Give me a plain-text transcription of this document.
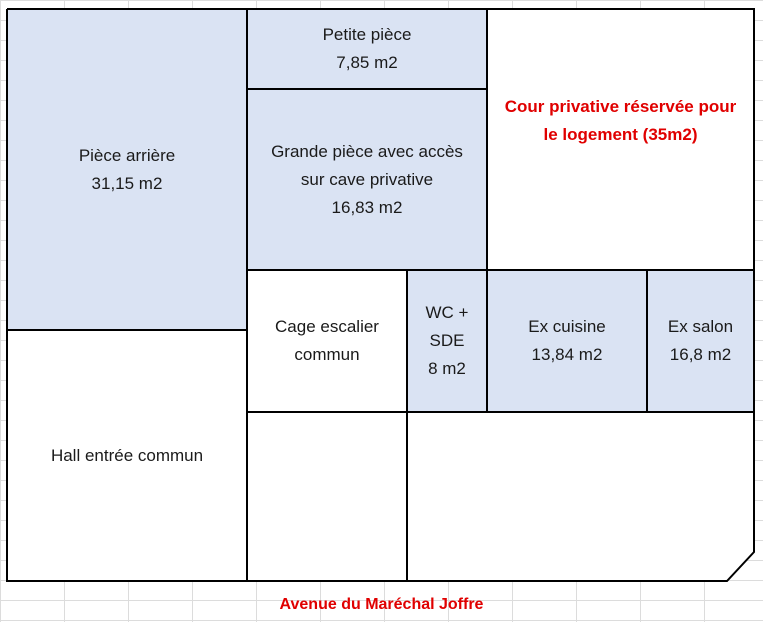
Pièce arrière
31,15 m2
Petite pièce
7,85 m2
Grande pièce avec accès
sur cave privative
16,83 m2
Cour privative réservée pour
le logement (35m2)
Cage escalier
commun
WC +
SDE
8 m2
Ex cuisine
13,84 m2
Ex salon
16,8 m2
Hall entrée commun
Avenue du Maréchal Joffre
